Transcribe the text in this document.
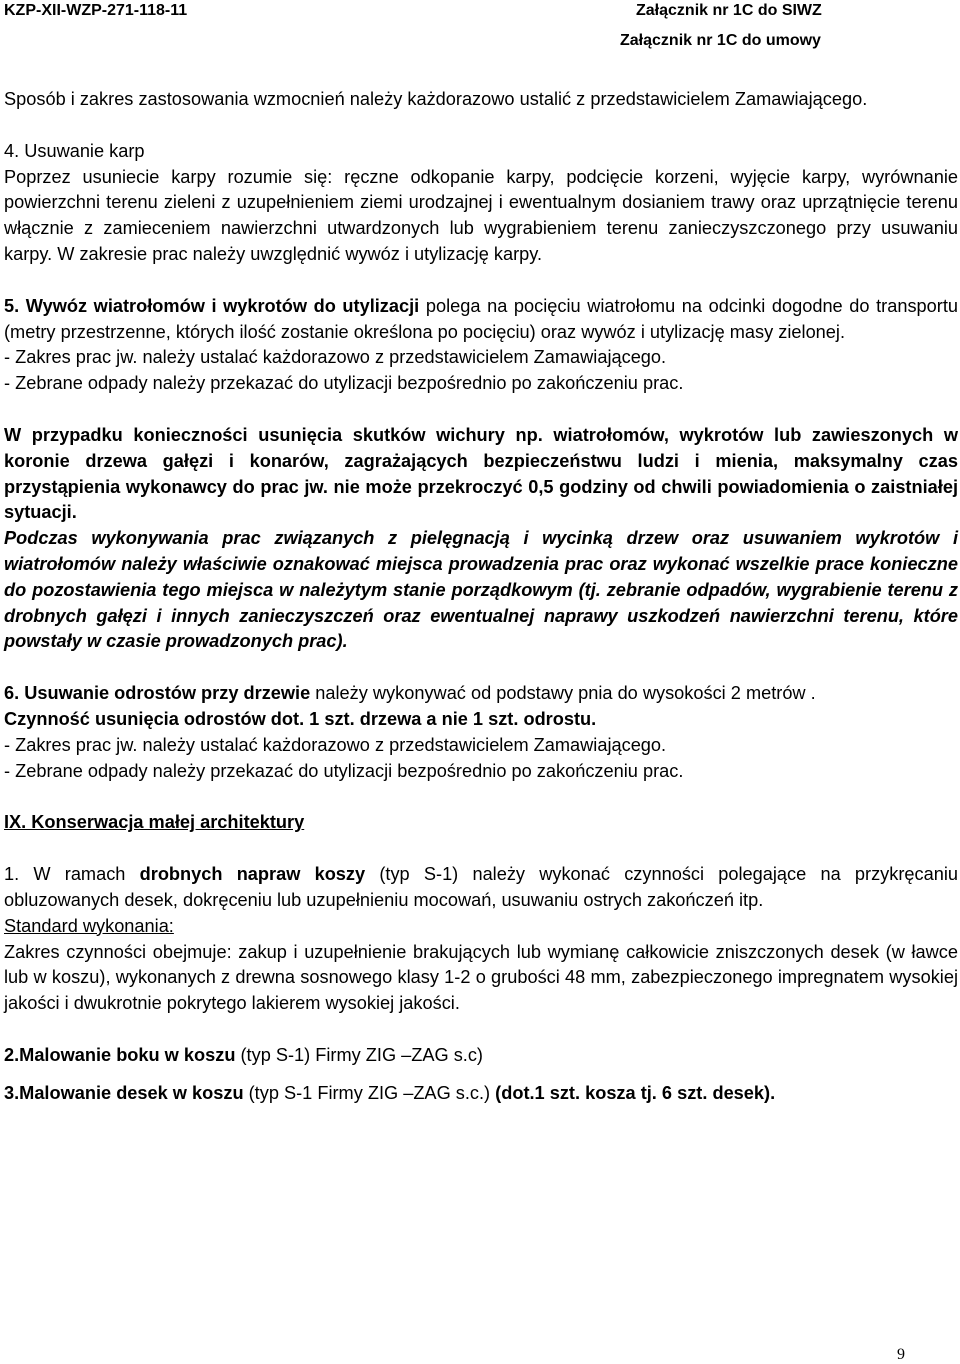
KZP-XII-WZP-271-118-11	Załącznik nr 1C do SIWZ
Załącznik nr 1C do umowy

Sposób i zakres zastosowania wzmocnień należy każdorazowo ustalić z przedstawicielem Zamawiającego.

4. Usuwanie karp

Poprzez usuniecie karpy rozumie się: ręczne odkopanie karpy, podcięcie korzeni, wyjęcie karpy, wyrównanie powierzchni terenu zieleni z uzupełnieniem ziemi urodzajnej i ewentualnym dosianiem trawy oraz uprzątnięcie terenu włącznie z zamieceniem nawierzchni utwardzonych lub wygrabieniem terenu zanieczyszczonego przy usuwaniu karpy. W zakresie prac należy uwzględnić wywóz i utylizację karpy.

5. Wywóz wiatrołomów i wykrotów do utylizacji polega na pocięciu wiatrołomu na odcinki dogodne do transportu (metry przestrzenne, których ilość zostanie określona po pocięciu) oraz wywóz i utylizację masy zielonej.

- Zakres prac jw. należy ustalać każdorazowo z przedstawicielem Zamawiającego.

- Zebrane odpady należy przekazać do utylizacji bezpośrednio po zakończeniu prac.

W przypadku konieczności usunięcia skutków wichury np. wiatrołomów, wykrotów lub zawieszonych w koronie drzewa gałęzi i konarów, zagrażających bezpieczeństwu ludzi i mienia, maksymalny czas przystąpienia wykonawcy do prac jw. nie może przekroczyć 0,5 godziny od chwili powiadomienia o zaistniałej sytuacji.

Podczas wykonywania prac związanych z pielęgnacją i wycinką drzew oraz usuwaniem wykrotów i wiatrołomów należy właściwie oznakować miejsca prowadzenia prac oraz wykonać wszelkie prace konieczne do pozostawienia tego miejsca w należytym stanie porządkowym (tj. zebranie odpadów, wygrabienie terenu z drobnych gałęzi i innych zanieczyszczeń oraz ewentualnej naprawy uszkodzeń nawierzchni terenu, które powstały w czasie prowadzonych prac).

6. Usuwanie odrostów przy drzewie należy wykonywać od podstawy pnia do wysokości 2 metrów .

Czynność usunięcia odrostów dot. 1 szt. drzewa a nie 1 szt. odrostu.

- Zakres prac jw. należy ustalać każdorazowo z przedstawicielem Zamawiającego.

- Zebrane odpady należy przekazać do utylizacji bezpośrednio po zakończeniu prac.

IX. Konserwacja małej architektury

1. W ramach drobnych napraw koszy (typ S-1) należy wykonać czynności polegające na przykręcaniu obluzowanych desek, dokręceniu lub uzupełnieniu mocowań, usuwaniu ostrych zakończeń itp.

Standard wykonania:

Zakres czynności obejmuje: zakup i uzupełnienie brakujących lub wymianę całkowicie zniszczonych desek (w ławce lub w koszu), wykonanych z drewna sosnowego klasy 1-2 o grubości 48 mm, zabezpieczonego impregnatem wysokiej jakości i dwukrotnie pokrytego lakierem wysokiej jakości.

2.Malowanie boku w koszu (typ S-1) Firmy ZIG –ZAG s.c)

3.Malowanie desek w koszu (typ S-1 Firmy ZIG –ZAG s.c.) (dot.1 szt. kosza tj. 6 szt. desek).

9
